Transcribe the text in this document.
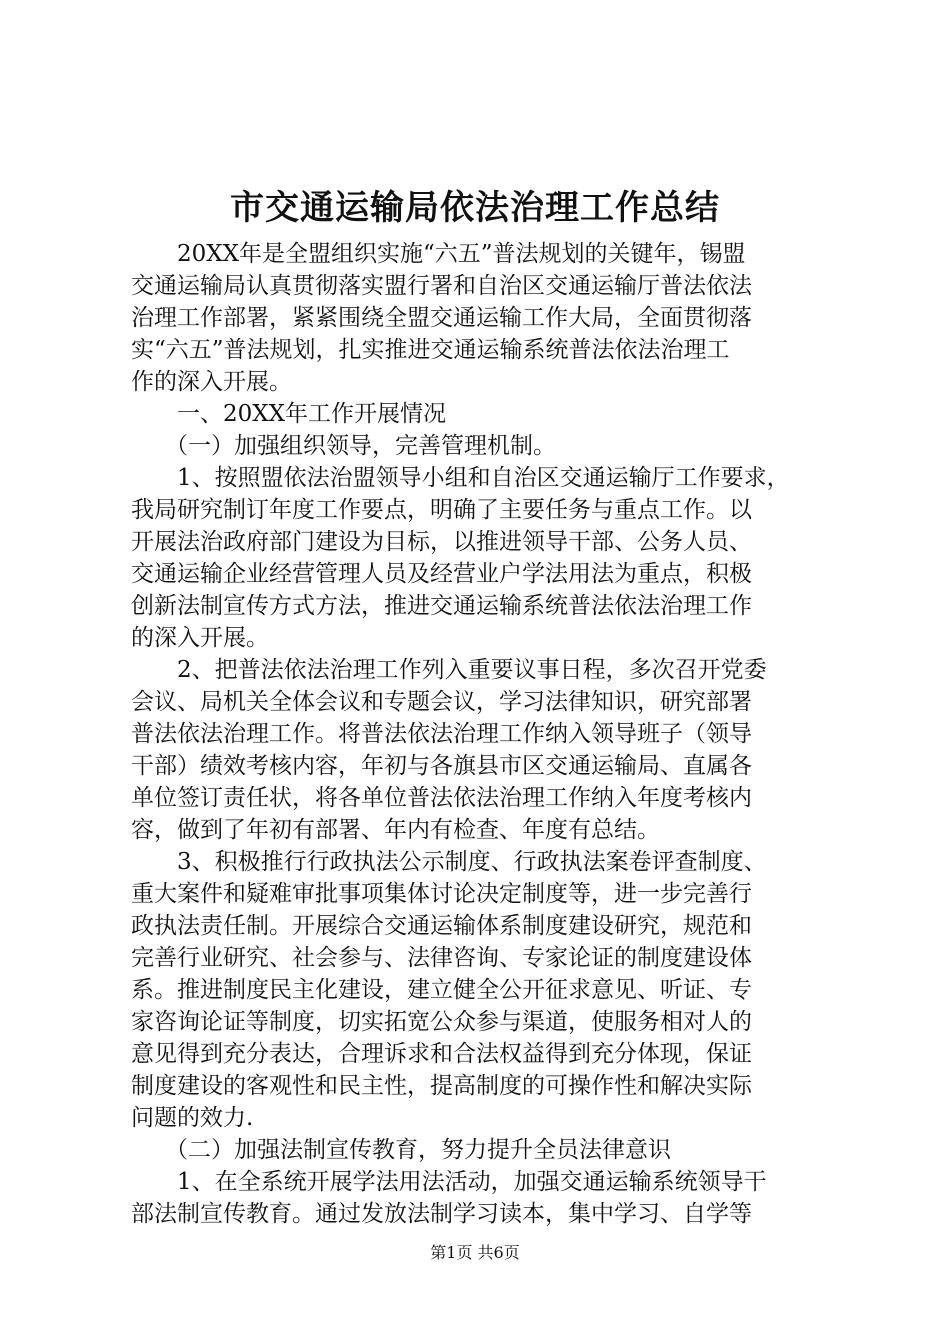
市交通运输局依法治理工作总结
20XX年是全盟组织实施“六五”普法规划的关键年，锡盟
交通运输局认真贯彻落实盟行署和自治区交通运输厅普法依法
治理工作部署，紧紧围绕全盟交通运输工作大局，全面贯彻落
实“六五”普法规划，扎实推进交通运输系统普法依法治理工
作的深入开展。
一、20XX年工作开展情况
（一）加强组织领导，完善管理机制。
1、按照盟依法治盟领导小组和自治区交通运输厅工作要求，
我局研究制订年度工作要点，明确了主要任务与重点工作。以
开展法治政府部门建设为目标，以推进领导干部、公务人员、
交通运输企业经营管理人员及经营业户学法用法为重点，积极
创新法制宣传方式方法，推进交通运输系统普法依法治理工作
的深入开展。
2、把普法依法治理工作列入重要议事日程，多次召开党委
会议、局机关全体会议和专题会议，学习法律知识，研究部署
普法依法治理工作。将普法依法治理工作纳入领导班子（领导
干部）绩效考核内容，年初与各旗县市区交通运输局、直属各
单位签订责任状，将各单位普法依法治理工作纳入年度考核内
容，做到了年初有部署、年内有检查、年度有总结。
3、积极推行行政执法公示制度、行政执法案卷评查制度、
重大案件和疑难审批事项集体讨论决定制度等，进一步完善行
政执法责任制。开展综合交通运输体系制度建设研究，规范和
完善行业研究、社会参与、法律咨询、专家论证的制度建设体
系。推进制度民主化建设，建立健全公开征求意见、听证、专
家咨询论证等制度，切实拓宽公众参与渠道，使服务相对人的
意见得到充分表达，合理诉求和合法权益得到充分体现，保证
制度建设的客观性和民主性，提高制度的可操作性和解决实际
问题的效力.
（二）加强法制宣传教育，努力提升全员法律意识
1、在全系统开展学法用法活动，加强交通运输系统领导干
部法制宣传教育。通过发放法制学习读本，集中学习、自学等
第1页 共6页
